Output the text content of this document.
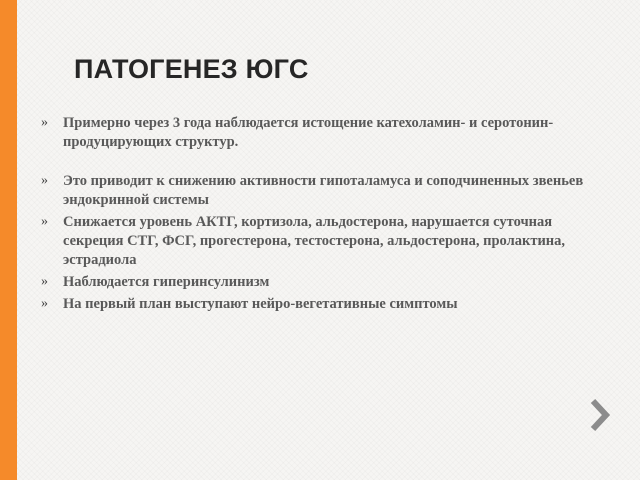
ПАТОГЕНЕЗ ЮГС
» Примерно через 3 года наблюдается истощение катехоламин- и серотонин-продуцирующих структур.
» Это приводит к снижению активности гипоталамуса и соподчиненных звеньев эндокринной системы
» Снижается уровень АКТГ, кортизола, альдостерона, нарушается суточная секреция СТГ, ФСГ, прогестерона, тестостерона, альдостерона, пролактина, эстрадиола
» Наблюдается гиперинсулинизм
» На первый план выступают нейро-вегетативные симптомы
